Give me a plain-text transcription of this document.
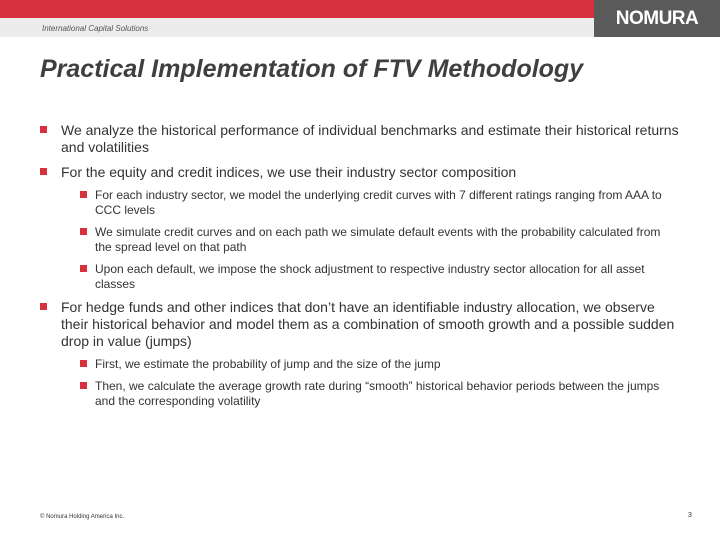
International Capital Solutions	NOMURA
Practical Implementation of FTV Methodology
We analyze the historical performance of individual benchmarks and estimate their historical returns and volatilities
For the equity and credit indices, we use their industry sector composition
For each industry sector, we model the underlying credit curves with 7 different ratings ranging from AAA to CCC levels
We simulate credit curves and on each path we simulate default events with the probability calculated from the spread level on that path
Upon each default, we impose the shock adjustment to respective industry sector allocation for all asset classes
For hedge funds and other indices that don’t have an identifiable industry allocation, we observe their historical behavior and model them as a combination of smooth growth and a possible sudden drop in value (jumps)
First, we estimate the probability of jump and the size of the jump
Then, we calculate the average growth rate during “smooth” historical behavior periods between the jumps and the corresponding volatility
© Nomura Holding America Inc.	3
